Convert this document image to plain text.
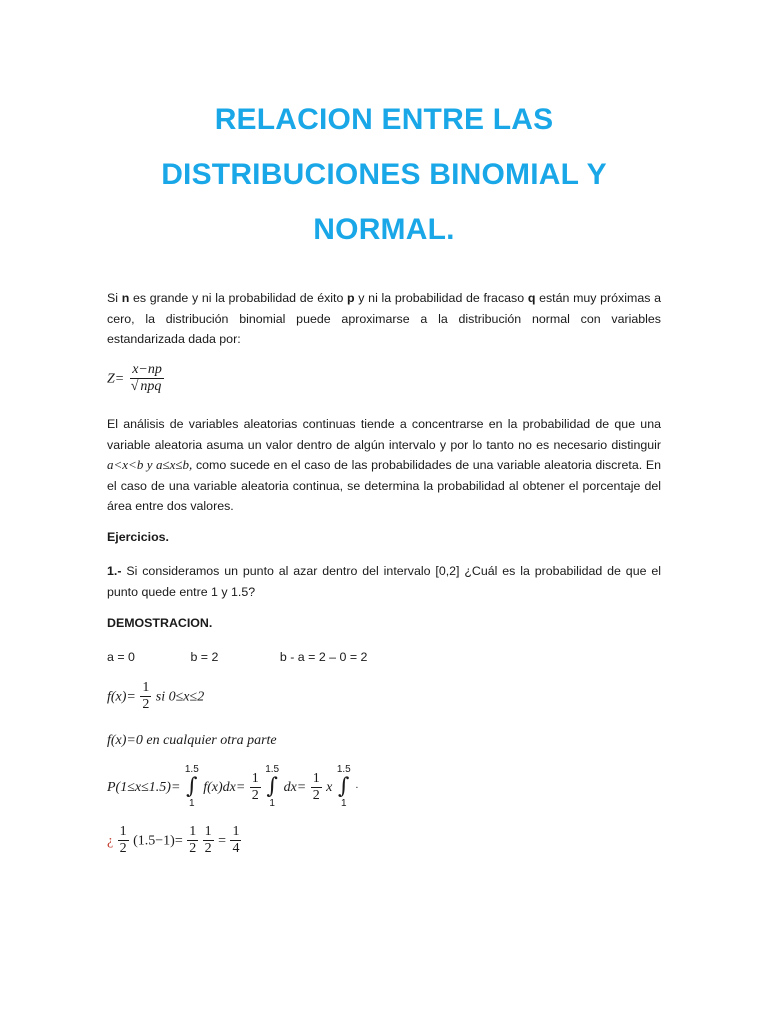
RELACION ENTRE LAS
DISTRIBUCIONES BINOMIAL Y
NORMAL.
Si n es grande y ni la probabilidad de éxito p y ni la probabilidad de fracaso q están muy próximas a cero, la distribución binomial puede aproximarse a la distribución normal con variables estandarizada dada por:
$Z= \frac{x-np}{\text{√ npq}}$
El análisis de variables aleatorias continuas tiende a concentrarse en la probabilidad de que una variable aleatoria asuma un valor dentro de algún intervalo y por lo tanto no es necesario distinguir a<x<b y a≤x≤b, como sucede en el caso de las probabilidades de una variable aleatoria discreta. En el caso de una variable aleatoria continua, se determina la probabilidad al obtener el porcentaje del área entre dos valores.
Ejercicios.
1.- Si consideramos un punto al azar dentro del intervalo [0,2] ¿Cuál es la probabilidad de que el punto quede entre 1 y 1.5?
DEMOSTRACION.
a = 0	b = 2	b - a = 2 – 0 = 2
$f(x)= \frac{1}{2}$ si 0≤x≤2
f(x)=0 en cualquier otra parte
P(1≤x≤1.5)=
1.5
∫
1
$f(x)dx= \frac{1}{2}$

1.5
∫
1
$dx= \frac{1}{2}$ x
1.5
∫
1
·
¿ $\frac{1}{2} (1.5-1)= \frac{1}{2}$
$\frac{1}{2} = \frac{1}{4}$
